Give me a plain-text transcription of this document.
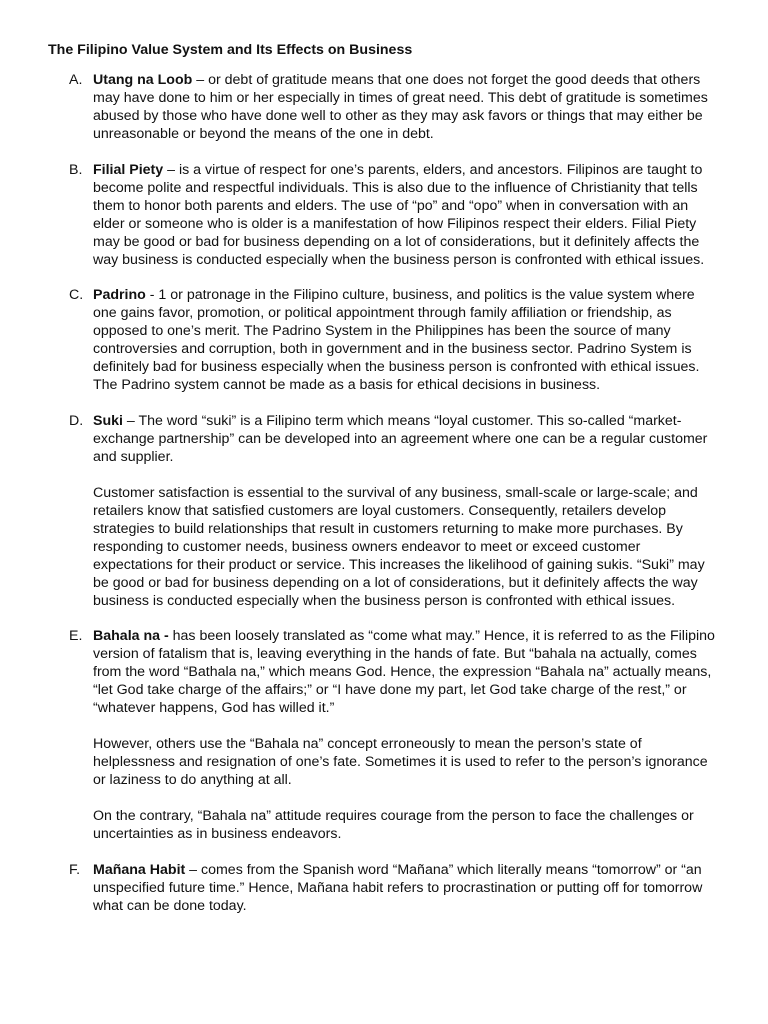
The Filipino Value System and Its Effects on Business
A. Utang na Loob – or debt of gratitude means that one does not forget the good deeds that others may have done to him or her especially in times of great need. This debt of gratitude is sometimes abused by those who have done well to other as they may ask favors or things that may either be unreasonable or beyond the means of the one in debt.

B. Filial Piety – is a virtue of respect for one’s parents, elders, and ancestors. Filipinos are taught to become polite and respectful individuals. This is also due to the influence of Christianity that tells them to honor both parents and elders. The use of “po” and “opo” when in conversation with an elder or someone who is older is a manifestation of how Filipinos respect their elders. Filial Piety may be good or bad for business depending on a lot of considerations, but it definitely affects the way business is conducted especially when the business person is confronted with ethical issues.

C. Padrino - 1 or patronage in the Filipino culture, business, and politics is the value system where one gains favor, promotion, or political appointment through family affiliation or friendship, as opposed to one’s merit. The Padrino System in the Philippines has been the source of many controversies and corruption, both in government and in the business sector. Padrino System is definitely bad for business especially when the business person is confronted with ethical issues. The Padrino system cannot be made as a basis for ethical decisions in business.

D. Suki – The word “suki” is a Filipino term which means “loyal customer. This so-called “market-exchange partnership” can be developed into an agreement where one can be a regular customer and supplier.

Customer satisfaction is essential to the survival of any business, small-scale or large-scale; and retailers know that satisfied customers are loyal customers. Consequently, retailers develop strategies to build relationships that result in customers returning to make more purchases. By responding to customer needs, business owners endeavor to meet or exceed customer expectations for their product or service. This increases the likelihood of gaining sukis. “Suki” may be good or bad for business depending on a lot of considerations, but it definitely affects the way business is conducted especially when the business person is confronted with ethical issues.

E. Bahala na - has been loosely translated as “come what may.” Hence, it is referred to as the Filipino version of fatalism that is, leaving everything in the hands of fate. But “bahala na actually, comes from the word “Bathala na,” which means God. Hence, the expression “Bahala na” actually means, “let God take charge of the affairs;” or “I have done my part, let God take charge of the rest,” or “whatever happens, God has willed it.”

However, others use the “Bahala na” concept erroneously to mean the person’s state of helplessness and resignation of one’s fate. Sometimes it is used to refer to the person’s ignorance or laziness to do anything at all.

On the contrary, “Bahala na” attitude requires courage from the person to face the challenges or uncertainties as in business endeavors.

F. Mañana Habit – comes from the Spanish word “Mañana” which literally means “tomorrow” or “an unspecified future time.” Hence, Mañana habit refers to procrastination or putting off for tomorrow what can be done today.
